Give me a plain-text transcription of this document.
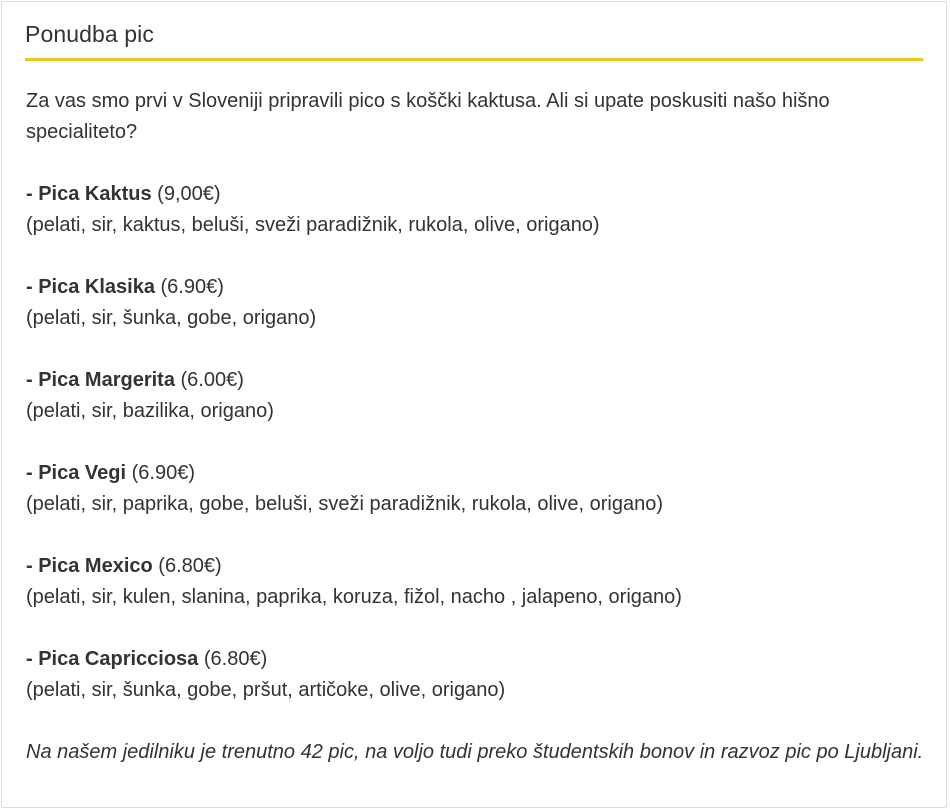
Ponudba pic

Za vas smo prvi v Sloveniji pripravili pico s koščki kaktusa. Ali si upate poskusiti našo hišno specialiteto?

- Pica Kaktus (9,00€)
(pelati, sir, kaktus, beluši, sveži paradižnik, rukola, olive, origano)
- Pica Klasika (6.90€)
(pelati, sir, šunka, gobe, origano)
- Pica Margerita (6.00€)
(pelati, sir, bazilika, origano)
- Pica Vegi (6.90€)
(pelati, sir, paprika, gobe, beluši, sveži paradižnik, rukola, olive, origano)
- Pica Mexico (6.80€)
(pelati, sir, kulen, slanina, paprika, koruza, fižol, nacho , jalapeno, origano)
- Pica Capricciosa (6.80€)
(pelati, sir, šunka, gobe, pršut, artičoke, olive, origano)

Na našem jedilniku je trenutno 42 pic, na voljo tudi preko študentskih bonov in razvoz pic po Ljubljani.
